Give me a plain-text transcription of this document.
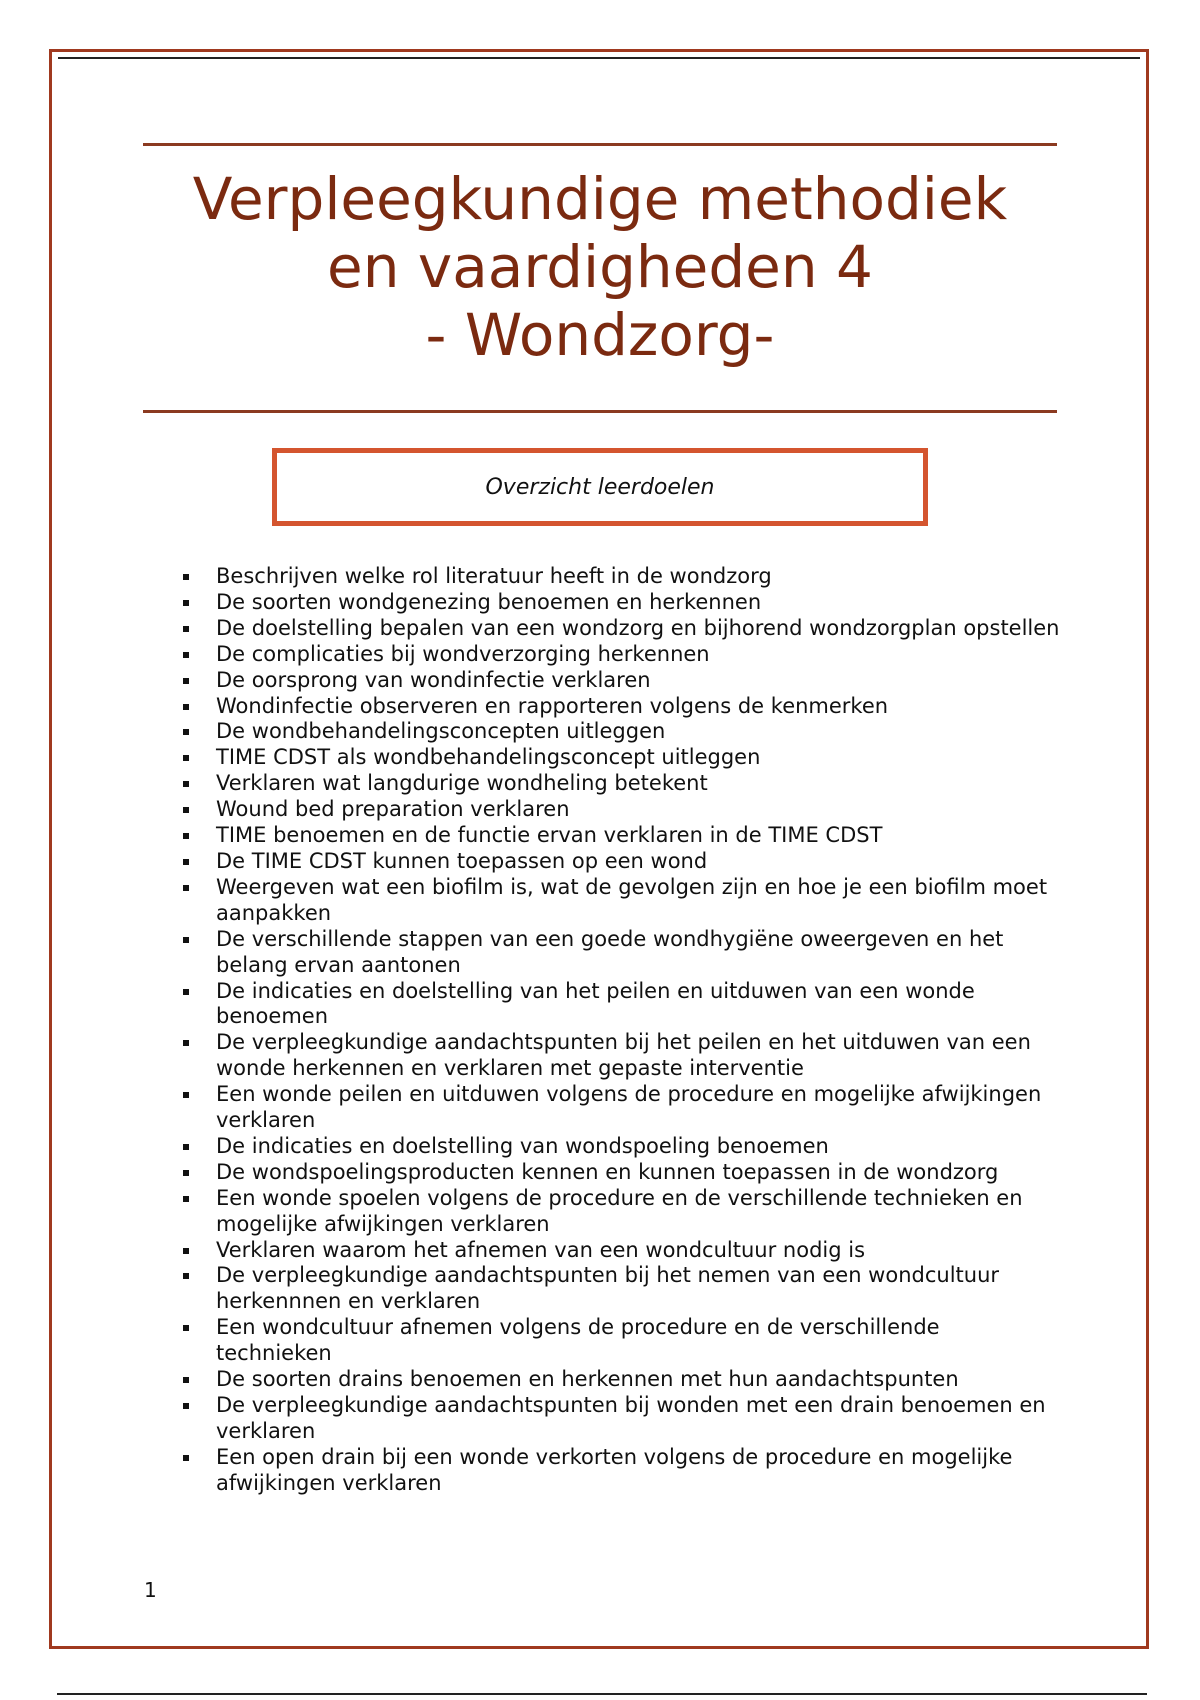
Verpleegkundige methodiek
en vaardigheden 4
- Wondzorg-
Overzicht leerdoelen
Beschrijven welke rol literatuur heeft in de wondzorg
De soorten wondgenezing benoemen en herkennen
De doelstelling bepalen van een wondzorg en bijhorend wondzorgplan opstellen
De complicaties bij wondverzorging herkennen
De oorsprong van wondinfectie verklaren
Wondinfectie observeren en rapporteren volgens de kenmerken
De wondbehandelingsconcepten uitleggen
TIME CDST als wondbehandelingsconcept uitleggen
Verklaren wat langdurige wondheling betekent
Wound bed preparation verklaren
TIME benoemen en de functie ervan verklaren in de TIME CDST
De TIME CDST kunnen toepassen op een wond
Weergeven wat een biofilm is, wat de gevolgen zijn en hoe je een biofilm moet aanpakken
De verschillende stappen van een goede wondhygiëne oweergeven en het belang ervan aantonen
De indicaties en doelstelling van het peilen en uitduwen van een wonde benoemen
De verpleegkundige aandachtspunten bij het peilen en het uitduwen van een wonde herkennen en verklaren met gepaste interventie
Een wonde peilen en uitduwen volgens de procedure en mogelijke afwijkingen verklaren
De indicaties en doelstelling van wondspoeling benoemen
De wondspoelingsproducten kennen en kunnen toepassen in de wondzorg
Een wonde spoelen volgens de procedure en de verschillende technieken en mogelijke afwijkingen verklaren
Verklaren waarom het afnemen van een wondcultuur nodig is
De verpleegkundige aandachtspunten bij het nemen van een wondcultuur herkennnen en verklaren
Een wondcultuur afnemen volgens de procedure en de verschillende technieken
De soorten drains benoemen en herkennen met hun aandachtspunten
De verpleegkundige aandachtspunten bij wonden met een drain benoemen en verklaren
Een open drain bij een wonde verkorten volgens de procedure en mogelijke afwijkingen verklaren
1
